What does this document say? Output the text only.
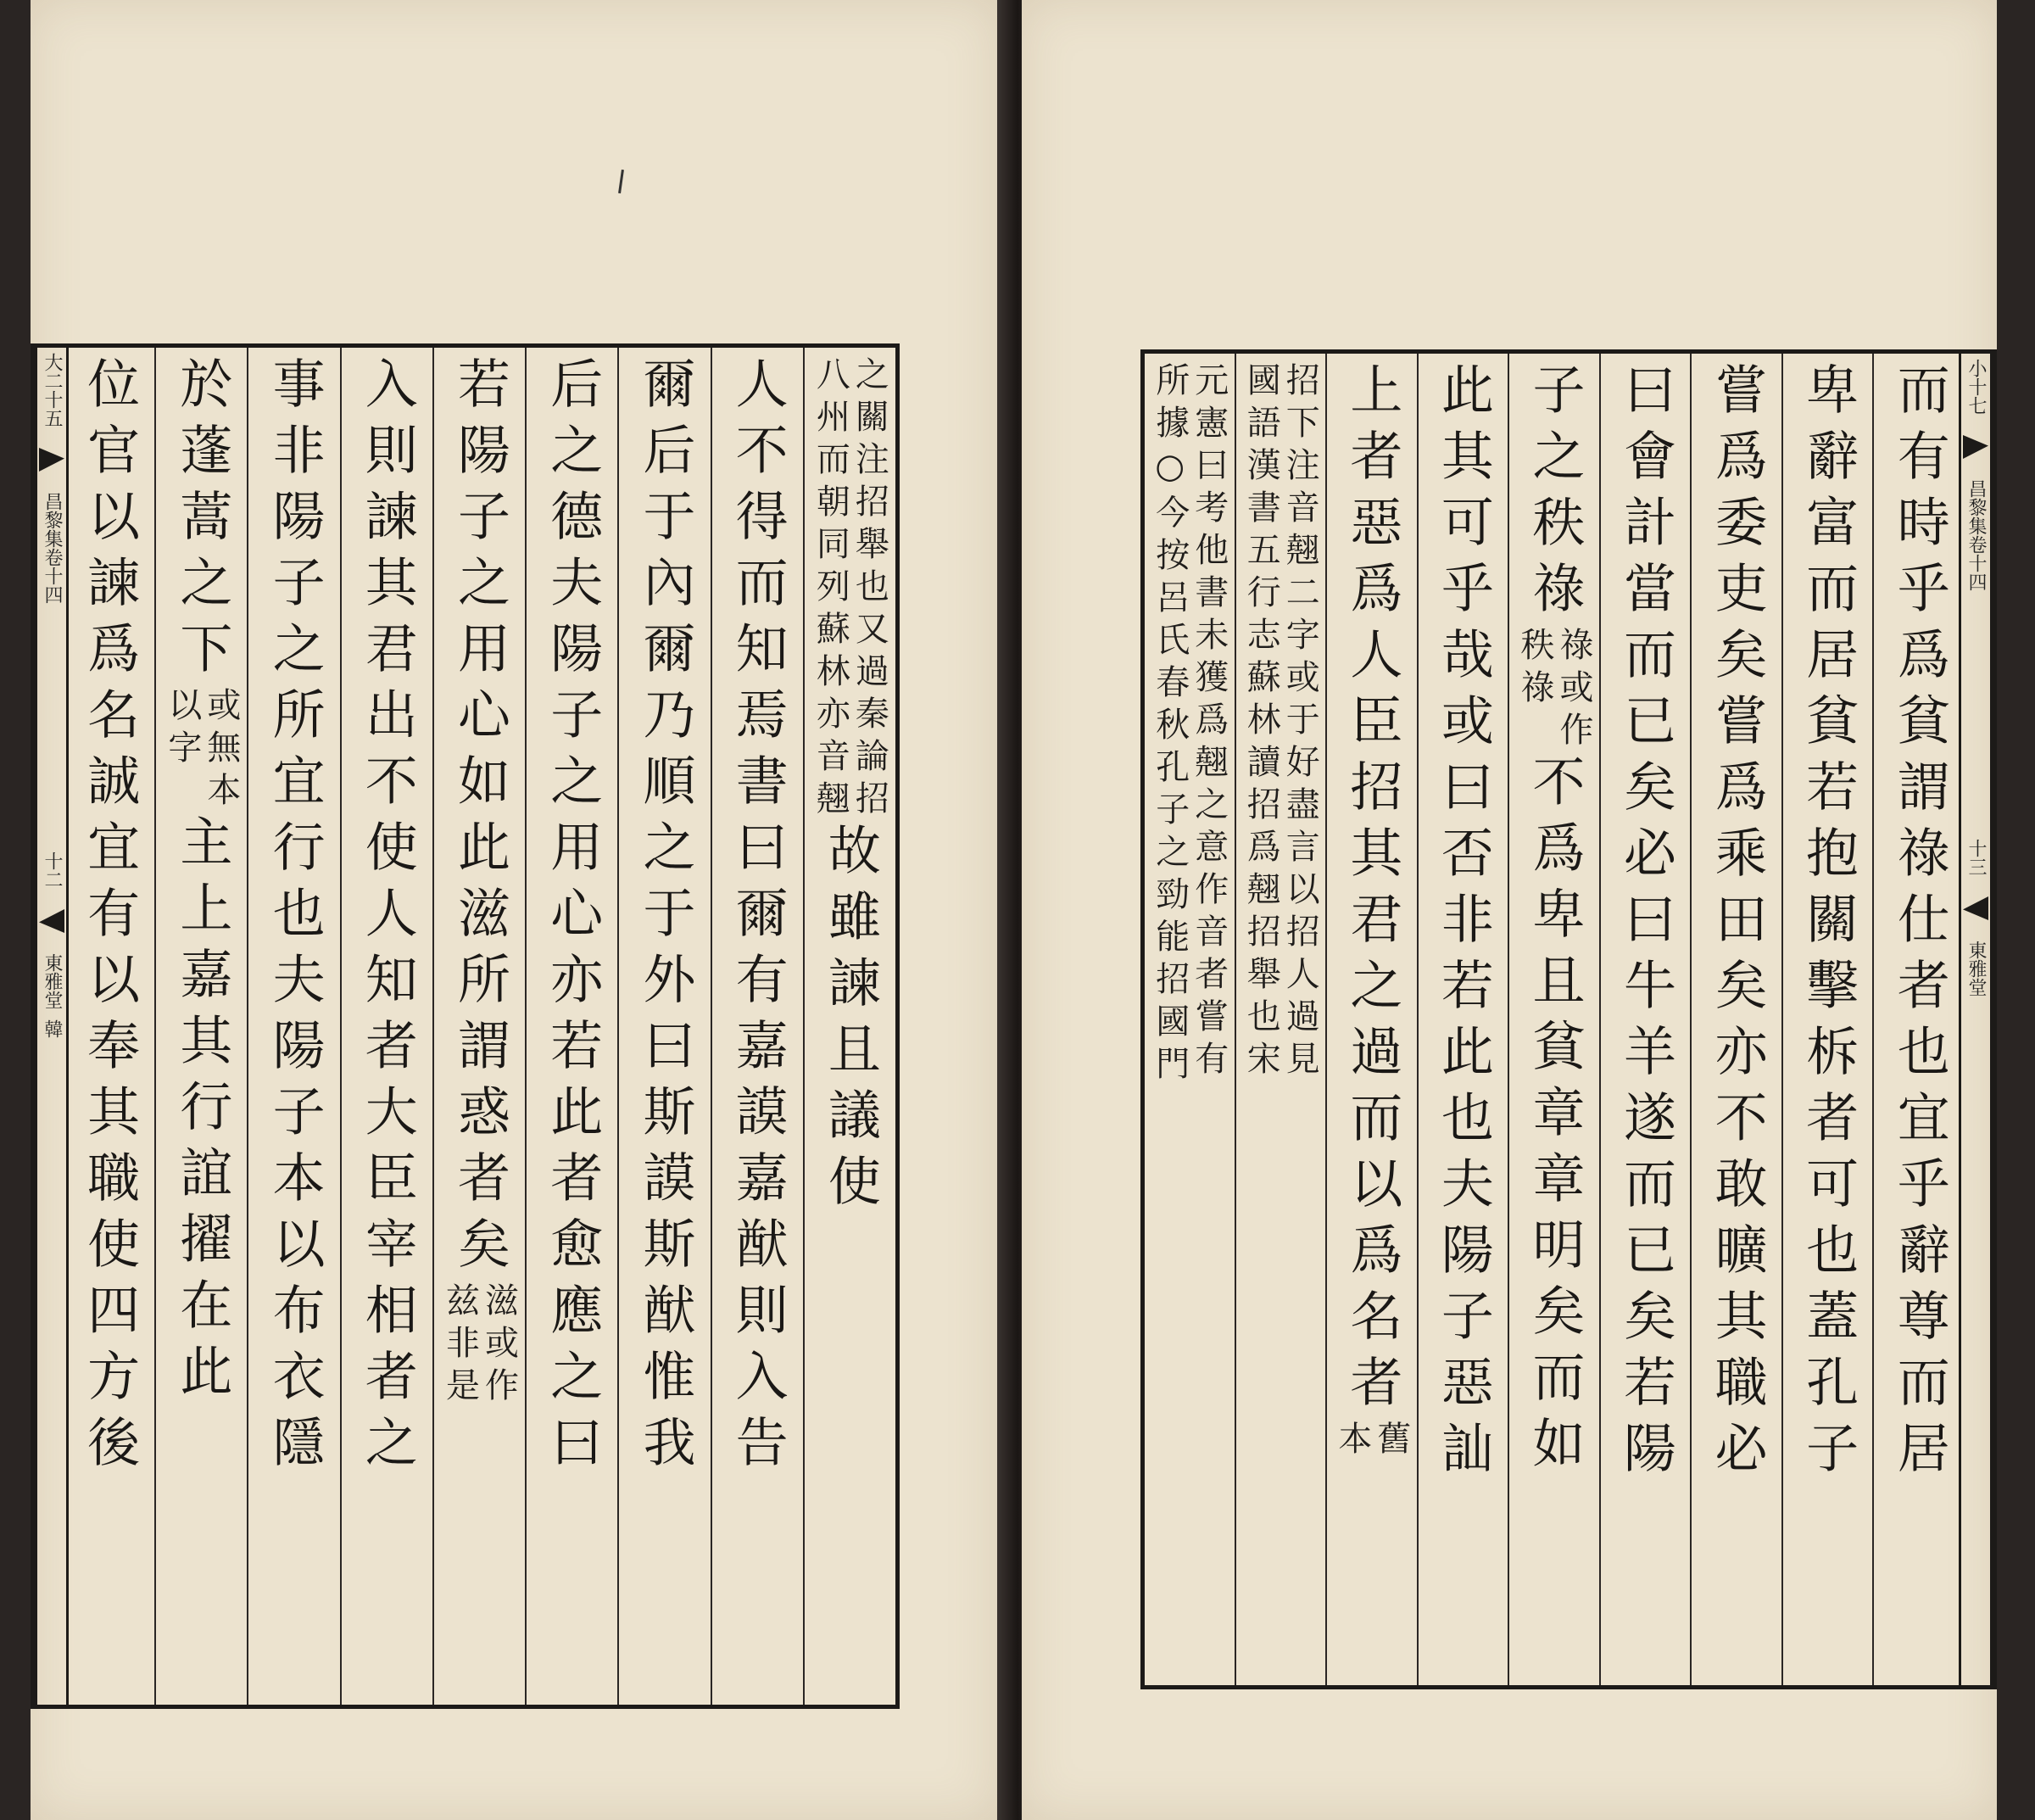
大二十五
昌黎集卷十四
十二
東雅堂
韓
之關注招舉也又過秦論招
八州而朝同列蘇林亦音翹
故雖諫且議使
人不得而知焉書曰爾有嘉謨嘉猷則入告
爾后于內爾乃順之于外曰斯謨斯猷惟我
后之德夫陽子之用心亦若此者愈應之曰
若陽子之用心如此滋所謂惑者矣
滋或作
兹非是
入則諫其君出不使人知者大臣宰相者之
事非陽子之所宜行也夫陽子本以布衣隱
於蓬蒿之下
或無本
以字
主上嘉其行誼擢在此
位官以諫爲名誠宜有以奉其職使四方後	而有時乎爲貧謂祿仕者也宜乎辭尊而居
卑辭富而居貧若抱關擊柝者可也蓋孔子
嘗爲委吏矣嘗爲乘田矣亦不敢曠其職必
曰會計當而已矣必曰牛羊遂而已矣若陽
子之秩祿
祿或作
秩祿
不爲卑且貧章章明矣而如
此其可乎哉或曰否非若此也夫陽子惡訕
上者惡爲人臣招其君之過而以爲名者
舊
本
招下注音翹二字或于好盡言以招人過見
國語漢書五行志蘇林讀招爲翹招舉也宋
元憲曰考他書未獲爲翹之意作音者嘗有
所據○今按呂氏春秋孔子之勁能招國門	小十七
昌黎集卷十四
十三
東雅堂
